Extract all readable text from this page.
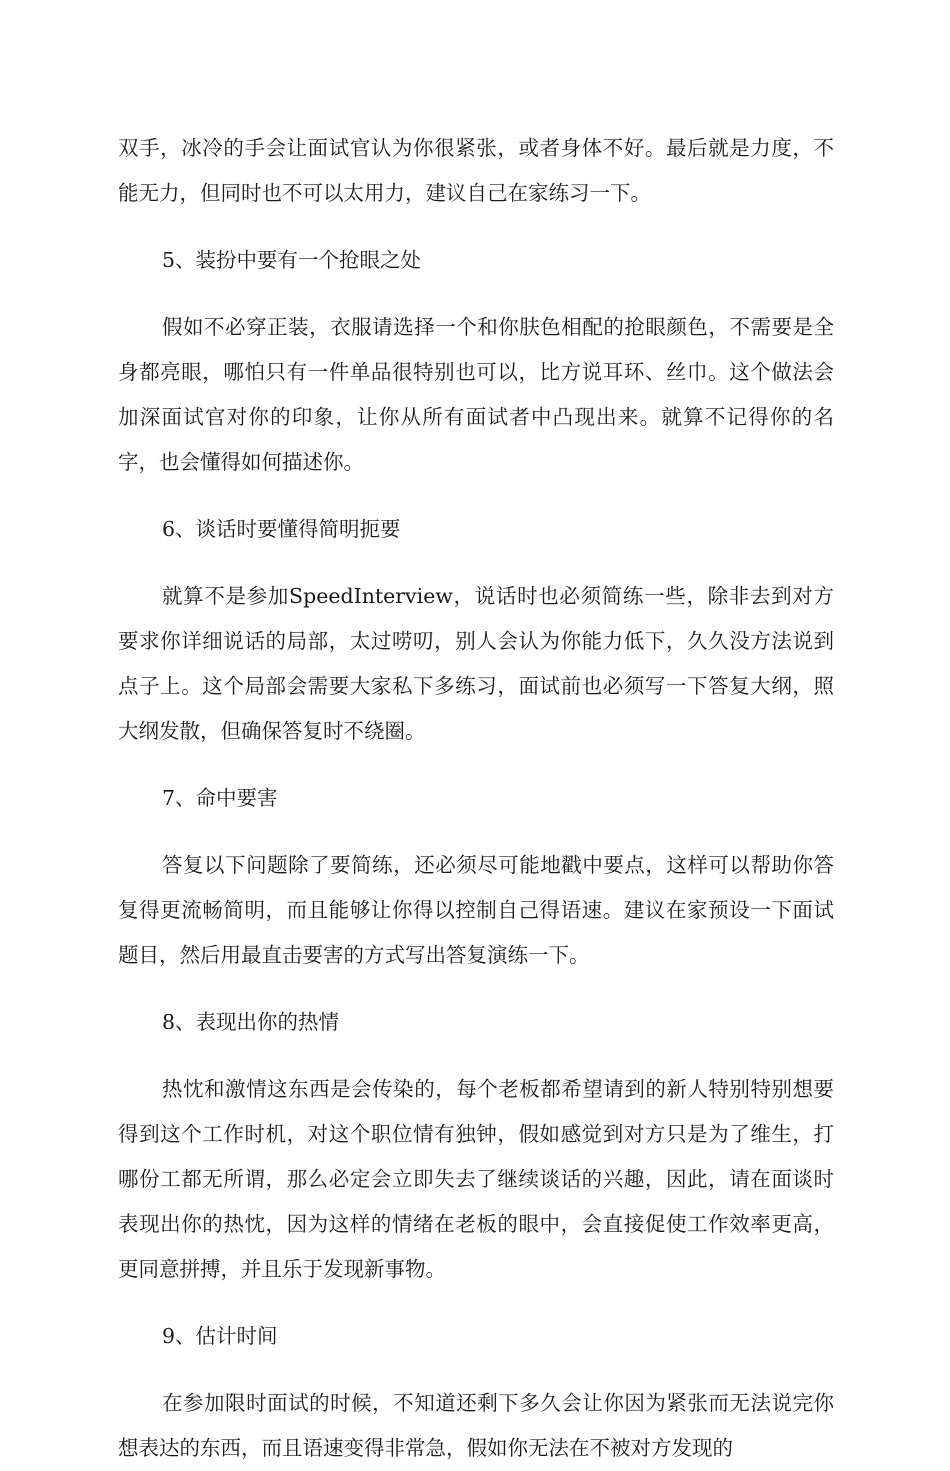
双手，冰冷的手会让面试官认为你很紧张，或者身体不好。最后就是力度，不能无力，但同时也不可以太用力，建议自己在家练习一下。

5、装扮中要有一个抢眼之处

假如不必穿正装，衣服请选择一个和你肤色相配的抢眼颜色，不需要是全身都亮眼，哪怕只有一件单品很特别也可以，比方说耳环、丝巾。这个做法会加深面试官对你的印象，让你从所有面试者中凸现出来。就算不记得你的名字，也会懂得如何描述你。

6、谈话时要懂得简明扼要

就算不是参加SpeedInterview，说话时也必须简练一些，除非去到对方要求你详细说话的局部，太过唠叨，别人会认为你能力低下，久久没方法说到点子上。这个局部会需要大家私下多练习，面试前也必须写一下答复大纲，照大纲发散，但确保答复时不绕圈。

7、命中要害

答复以下问题除了要简练，还必须尽可能地戳中要点，这样可以帮助你答复得更流畅简明，而且能够让你得以控制自己得语速。建议在家预设一下面试题目，然后用最直击要害的方式写出答复演练一下。

8、表现出你的热情

热忱和激情这东西是会传染的，每个老板都希望请到的新人特别特别想要得到这个工作时机，对这个职位情有独钟，假如感觉到对方只是为了维生，打哪份工都无所谓，那么必定会立即失去了继续谈话的兴趣，因此，请在面谈时表现出你的热忱，因为这样的情绪在老板的眼中，会直接促使工作效率更高，更同意拼搏，并且乐于发现新事物。

9、估计时间

在参加限时面试的时候，不知道还剩下多久会让你因为紧张而无法说完你想表达的东西，而且语速变得非常急，假如你无法在不被对方发现的
